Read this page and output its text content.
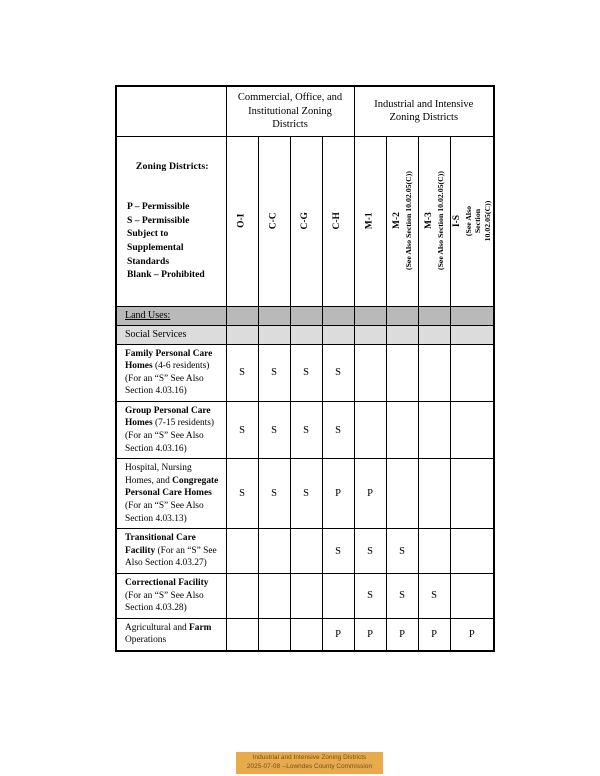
	Commercial, Office, and Institutional Zoning Districts				Industrial and Intensive Zoning Districts			

Zoning Districts:
P – Permissible
S – Permissible
Subject to
Supplemental
Standards
Blank – Prohibited

O-I	C-C	C-G	C-H	M-1	M-2 (See Also Section 10.02.05(C))	M-3 (See Also Section 10.02.05(C))	I-S (See Also Section 10.02.05(C))

Land Uses:								
Social Services								
Family Personal Care Homes (4-6 residents) (For an “S” See Also Section 4.03.16)	S	S	S	S				
Group Personal Care Homes (7-15 residents) (For an “S” See Also Section 4.03.16)	S	S	S	S				
Hospital, Nursing Homes, and Congregate Personal Care Homes (For an “S” See Also Section 4.03.13)	S	S	S	P	P			
Transitional Care Facility (For an “S” See Also Section 4.03.27)				S	S	S		
Correctional Facility (For an “S” See Also Section 4.03.28)					S	S	S	
Agricultural and Farm Operations				P	P	P	P	P
Industrial and Intensive Zoning Districts
2025-07-08 --Lowndes County Commission
